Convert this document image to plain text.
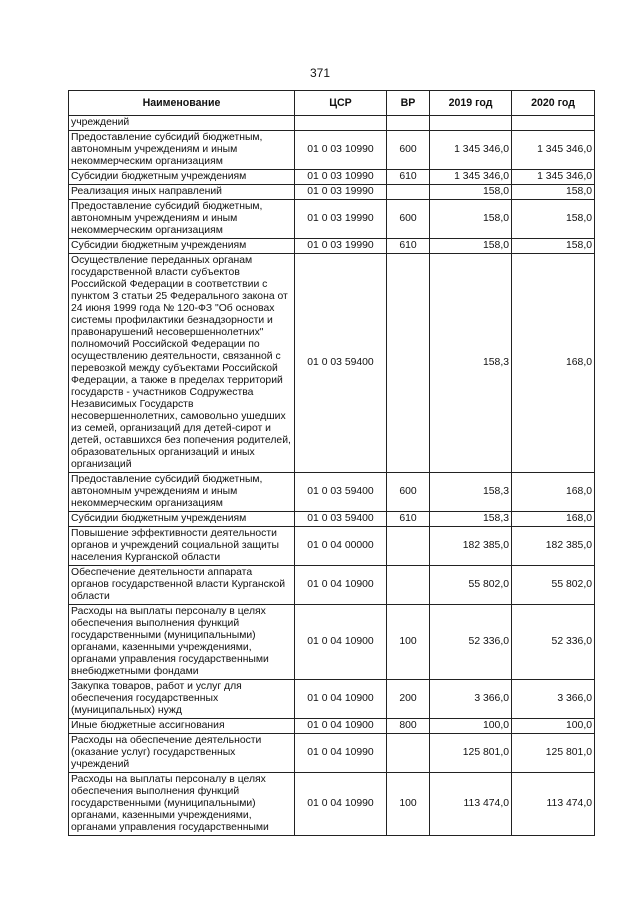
371
Наименование	ЦСР	ВР	2019 год	2020 год
учреждений				
Предоставление субсидий бюджетным, автономным учреждениям и иным некоммерческим организациям	01 0 03 10990	600	1 345 346,0	1 345 346,0
Субсидии бюджетным учреждениям	01 0 03 10990	610	1 345 346,0	1 345 346,0
Реализация иных направлений	01 0 03 19990		158,0	158,0
Предоставление субсидий бюджетным, автономным учреждениям и иным некоммерческим организациям	01 0 03 19990	600	158,0	158,0
Субсидии бюджетным учреждениям	01 0 03 19990	610	158,0	158,0
Осуществление переданных органам государственной власти субъектов Российской Федерации в соответствии с пунктом 3 статьи 25 Федерального закона от 24 июня 1999 года № 120-ФЗ "Об основах системы профилактики безнадзорности и правонарушений несовершеннолетних" полномочий Российской Федерации по осуществлению деятельности, связанной с перевозкой между субъектами Российской Федерации, а также в пределах территорий государств - участников Содружества Независимых Государств несовершеннолетних, самовольно ушедших из семей, организаций для детей-сирот и детей, оставшихся без попечения родителей, образовательных организаций и иных организаций	01 0 03 59400		158,3	168,0
Предоставление субсидий бюджетным, автономным учреждениям и иным некоммерческим организациям	01 0 03 59400	600	158,3	168,0
Субсидии бюджетным учреждениям	01 0 03 59400	610	158,3	168,0
Повышение эффективности деятельности органов и учреждений социальной защиты населения Курганской области	01 0 04 00000		182 385,0	182 385,0
Обеспечение деятельности аппарата органов государственной власти Курганской области	01 0 04 10900		55 802,0	55 802,0
Расходы на выплаты персоналу в целях обеспечения выполнения функций государственными (муниципальными) органами, казенными учреждениями, органами управления государственными внебюджетными фондами	01 0 04 10900	100	52 336,0	52 336,0
Закупка товаров, работ и услуг для обеспечения государственных (муниципальных) нужд	01 0 04 10900	200	3 366,0	3 366,0
Иные бюджетные ассигнования	01 0 04 10900	800	100,0	100,0
Расходы на обеспечение деятельности (оказание услуг) государственных учреждений	01 0 04 10990		125 801,0	125 801,0
Расходы на выплаты персоналу в целях обеспечения выполнения функций государственными (муниципальными) органами, казенными учреждениями, органами управления государственными	01 0 04 10990	100	113 474,0	113 474,0
